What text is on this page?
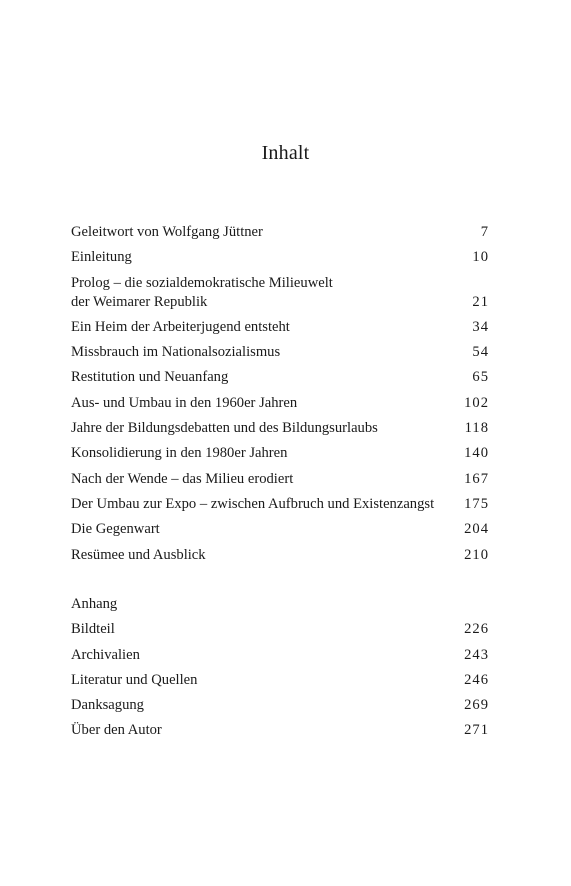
Inhalt
Geleitwort von Wolfgang Jüttner	7
Einleitung	10
Prolog – die sozialdemokratische Milieuwelt
der Weimarer Republik	21
Ein Heim der Arbeiterjugend entsteht	34
Missbrauch im Nationalsozialismus	54
Restitution und Neuanfang	65
Aus- und Umbau in den 1960er Jahren	102
Jahre der Bildungsdebatten und des Bildungsurlaubs	118
Konsolidierung in den 1980er Jahren	140
Nach der Wende – das Milieu erodiert	167
Der Umbau zur Expo – zwischen Aufbruch und Existenzangst 175
Die Gegenwart	204
Resümee und Ausblick	210
Anhang
Bildteil	226
Archivalien	243
Literatur und Quellen	246
Danksagung	269
Über den Autor	271
